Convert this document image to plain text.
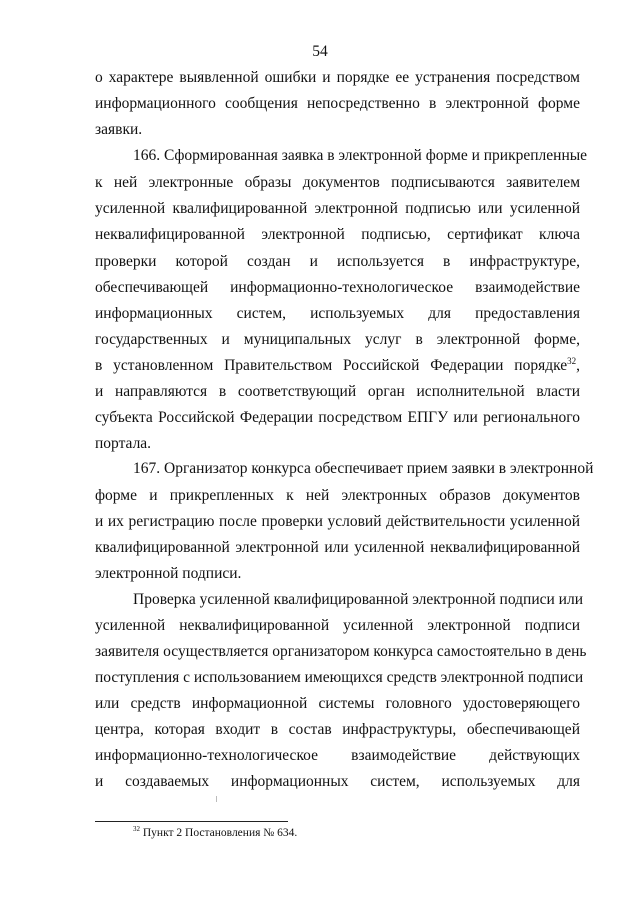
54
о характере выявленной ошибки и порядке ее устранения посредством
информационного сообщения непосредственно в электронной форме
заявки.
166. Сформированная заявка в электронной форме и прикрепленные
к ней электронные образы документов подписываются заявителем
усиленной квалифицированной электронной подписью или усиленной
неквалифицированной электронной подписью, сертификат ключа
проверки которой создан и используется в инфраструктуре,
обеспечивающей информационно-технологическое взаимодействие
информационных систем, используемых для предоставления
государственных и муниципальных услуг в электронной форме,
в установленном Правительством Российской Федерации порядке$^{32}$,
и направляются в соответствующий орган исполнительной власти
субъекта Российской Федерации посредством ЕПГУ или регионального
портала.
167. Организатор конкурса обеспечивает прием заявки в электронной
форме и прикрепленных к ней электронных образов документов
и их регистрацию после проверки условий действительности усиленной
квалифицированной электронной или усиленной неквалифицированной
электронной подписи.
Проверка усиленной квалифицированной электронной подписи или
усиленной неквалифицированной усиленной электронной подписи
заявителя осуществляется организатором конкурса самостоятельно в день
поступления с использованием имеющихся средств электронной подписи
или средств информационной системы головного удостоверяющего
центра, которая входит в состав инфраструктуры, обеспечивающей
информационно-технологическое взаимодействие действующих
и создаваемых информационных систем, используемых для
$^{32}$ Пункт 2 Постановления № 634.
